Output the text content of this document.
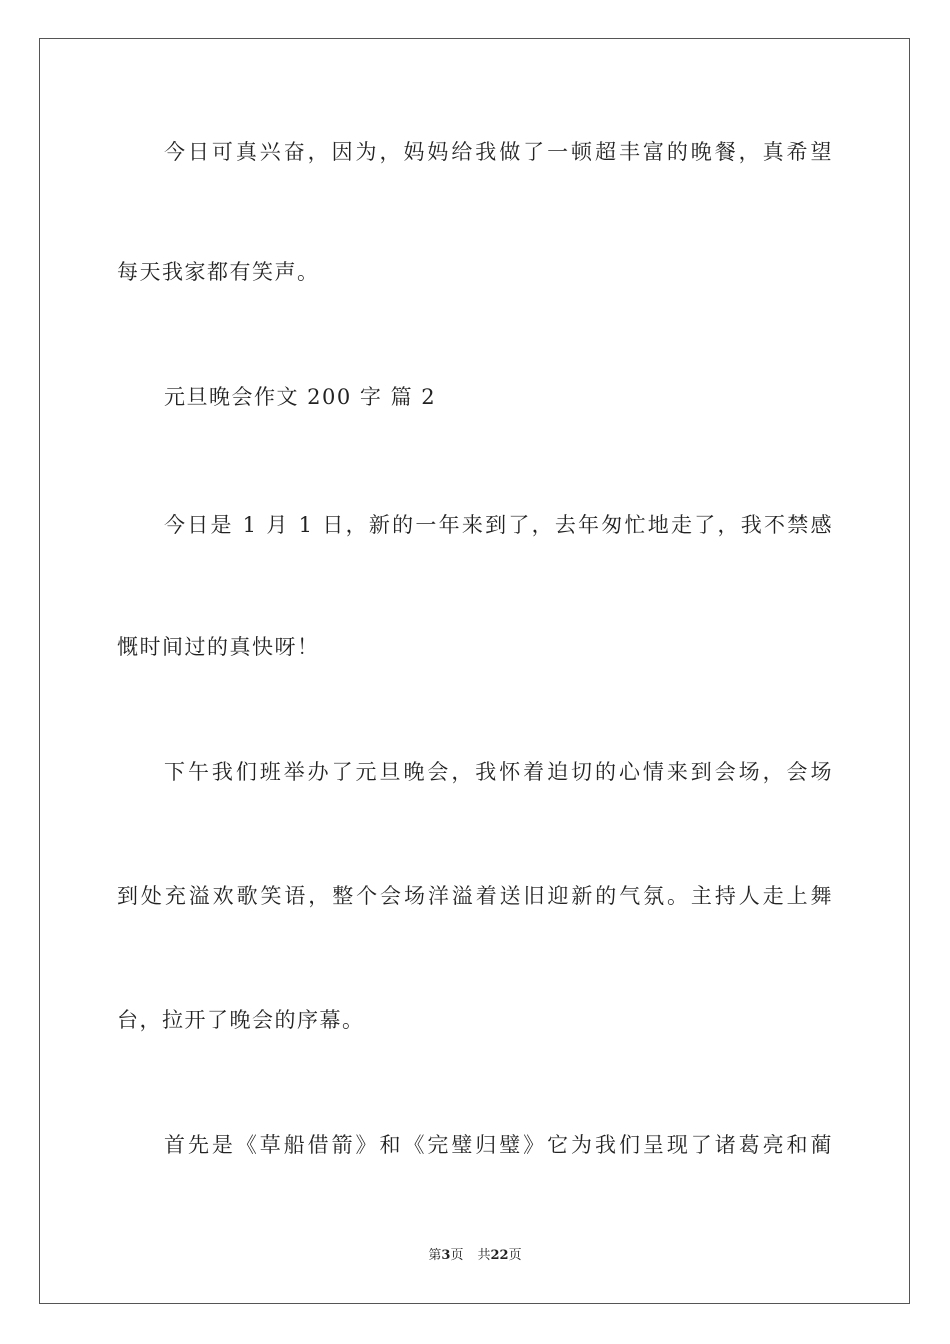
今日可真兴奋，因为，妈妈给我做了一顿超丰富的晚餐，真希望
每天我家都有笑声。
元旦晚会作文 200 字 篇 2
今日是 1 月 1 日，新的一年来到了，去年匆忙地走了，我不禁感
慨时间过的真快呀！
下午我们班举办了元旦晚会，我怀着迫切的心情来到会场，会场
到处充溢欢歌笑语，整个会场洋溢着送旧迎新的气氛。主持人走上舞
台，拉开了晚会的序幕。
首先是《草船借箭》和《完璧归璧》它为我们呈现了诸葛亮和蔺
第3页 共22页
